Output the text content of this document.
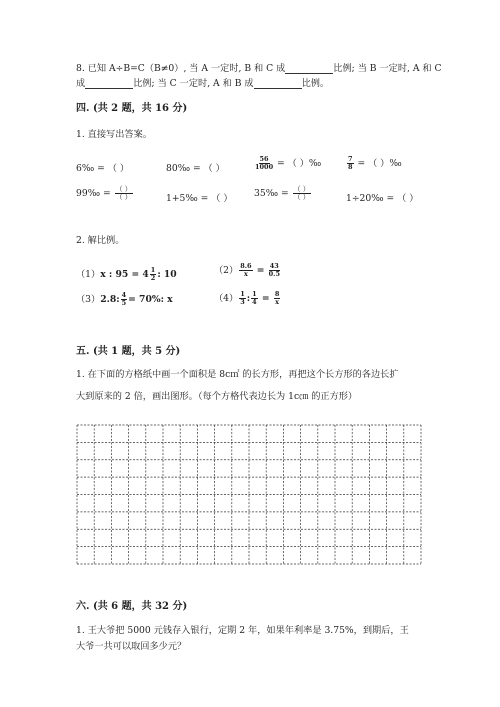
8. 已知 A÷B=C（B≠0）, 当 A 一定时, B 和 C 成	比例; 当 B 一定时, A 和 C
成	比例; 当 C 一定时, A 和 B 成	比例。
四. (共 2 题，共 16 分)
1. 直接写出答案。
6‰ = （ ）	80‰ = （ ）	$\frac{56}{1000}$ = （ ）‰	$\frac{7}{8}$ = （ ）‰
99‰ = $\frac{( )}{( )}$	1+5‰ = （ ） 35‰ = $\frac{( )}{( )}$	1÷20‰ = （ ）
2. 解比例。
（1）x : $95 = 4 \frac{1}{2}$ : 10	$(2) \frac{8.6}{x} = \frac{43}{0.5}$
（3）2.8: $\frac{4}{5} = 70\%$: x	$(4) \frac{1}{3}$ : $\frac{1}{4} = \frac{8}{x}$
五. (共 1 题，共 5 分)
1. 在下面的方格纸中画一个面积是 8c㎡ 的长方形，再把这个长方形的各边长扩
大到原来的 2 倍，画出图形。（每个方格代表边长为 1c㎝ 的正方形）
六. (共 6 题，共 32 分)
1. 王大爷把 5000 元钱存入银行，定期 2 年，如果年利率是 3.75%，到期后，王
大爷一共可以取回多少元？
